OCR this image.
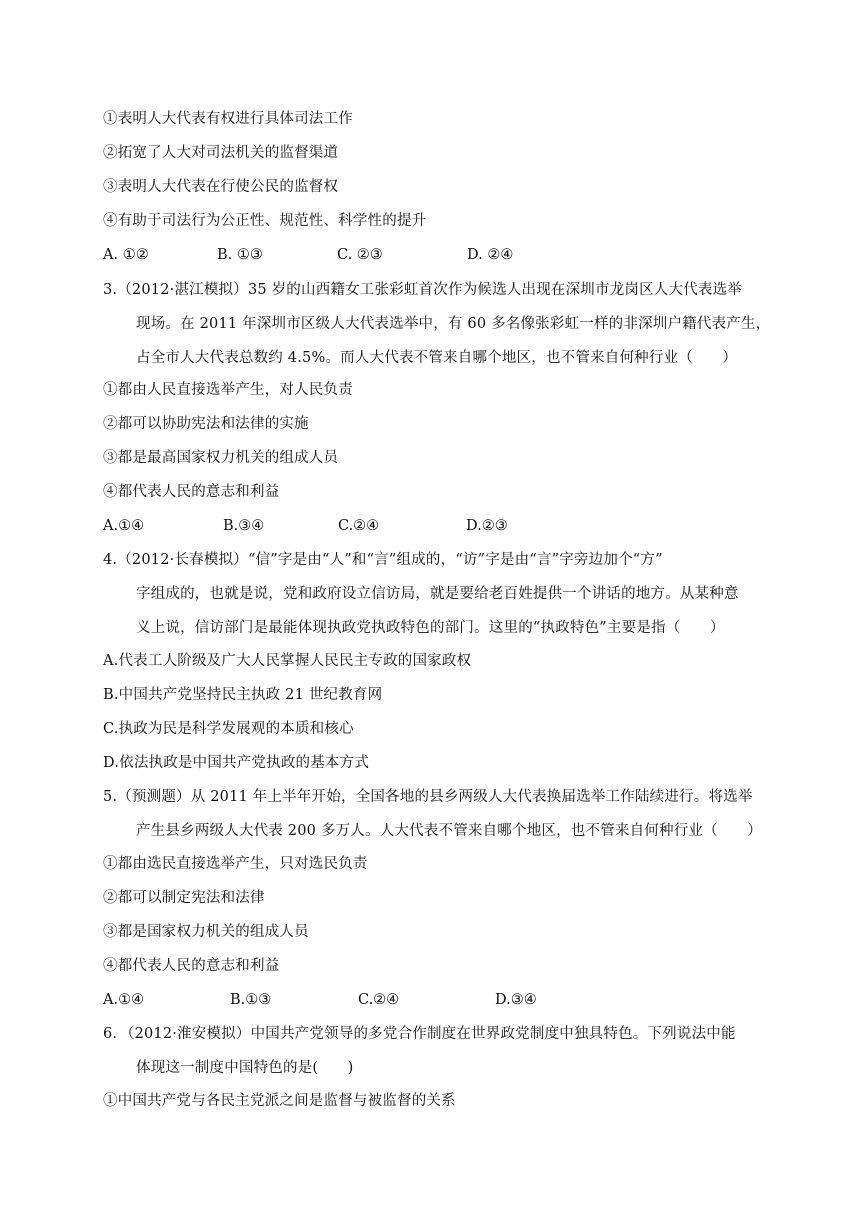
①表明人大代表有权进行具体司法工作
②拓宽了人大对司法机关的监督渠道
③表明人大代表在行使公民的监督权
④有助于司法行为公正性、规范性、科学性的提升
A. ①②	B. ①③	C. ②③	D. ②④
3.（2012·湛江模拟）35 岁的山西籍女工张彩虹首次作为候选人出现在深圳市龙岗区人大代表选举
现场。在 2011 年深圳市区级人大代表选举中，有 60 多名像张彩虹一样的非深圳户籍代表产生，
占全市人大代表总数约 4.5%。而人大代表不管来自哪个地区，也不管来自何种行业（　　）
①都由人民直接选举产生，对人民负责
②都可以协助宪法和法律的实施
③都是最高国家权力机关的组成人员
④都代表人民的意志和利益
A.①④	B.③④	C.②④	D.②③
4.（2012·长春模拟）“信”字是由“人”和“言”组成的，“访”字是由“言”字旁边加个“方”
字组成的，也就是说，党和政府设立信访局，就是要给老百姓提供一个讲话的地方。从某种意
义上说，信访部门是最能体现执政党执政特色的部门。这里的“执政特色”主要是指（　　）
A.代表工人阶级及广大人民掌握人民民主专政的国家政权
B.中国共产党坚持民主执政 21 世纪教育网
C.执政为民是科学发展观的本质和核心
D.依法执政是中国共产党执政的基本方式
5.（预测题）从 2011 年上半年开始，全国各地的县乡两级人大代表换届选举工作陆续进行。将选举
产生县乡两级人大代表 200 多万人。人大代表不管来自哪个地区，也不管来自何种行业（　　）
①都由选民直接选举产生，只对选民负责
②都可以制定宪法和法律
③都是国家权力机关的组成人员
④都代表人民的意志和利益
A.①④	B.①③	C.②④	D.③④
6．（2012·淮安模拟）中国共产党领导的多党合作制度在世界政党制度中独具特色。下列说法中能
体现这一制度中国特色的是(　　)
①中国共产党与各民主党派之间是监督与被监督的关系
